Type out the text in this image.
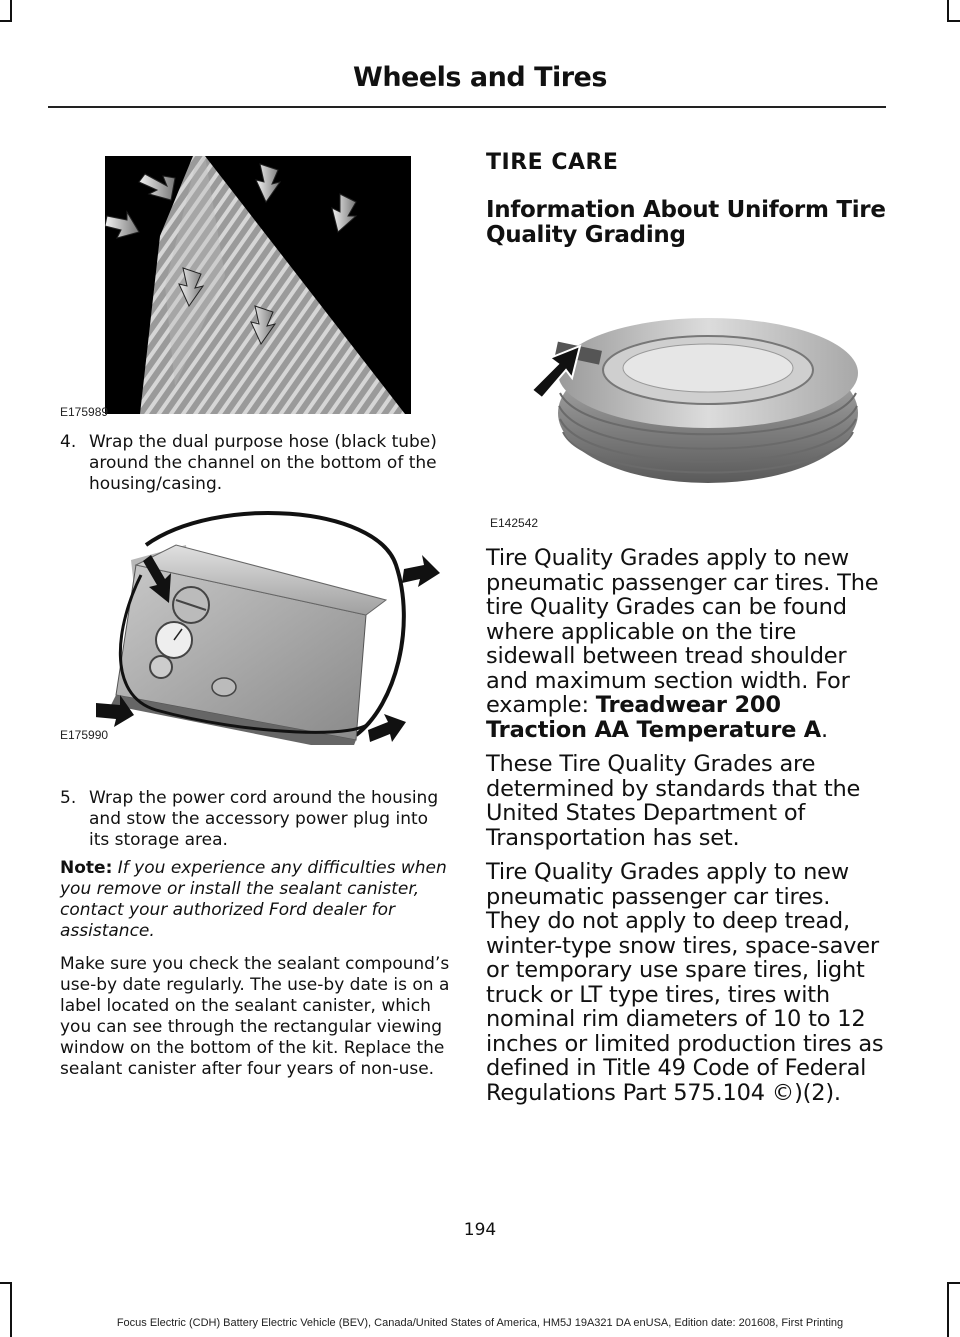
Wheels and Tires
E175989
4. Wrap the dual purpose hose (black tube) around the channel on the bottom of the housing/casing.
E175990
5. Wrap the power cord around the housing and stow the accessory power plug into its storage area.
Note: If you experience any difficulties when you remove or install the sealant canister, contact your authorized Ford dealer for assistance.
Make sure you check the sealant compound’s use-by date regularly. The use-by date is on a label located on the sealant canister, which you can see through the rectangular viewing window on the bottom of the kit. Replace the sealant canister after four years of non-use.
TIRE CARE
Information About Uniform Tire Quality Grading
E142542
Tire Quality Grades apply to new pneumatic passenger car tires. The tire Quality Grades can be found where applicable on the tire sidewall between tread shoulder and maximum section width. For example: Treadwear 200 Traction AA Temperature A.
These Tire Quality Grades are determined by standards that the United States Department of Transportation has set.
Tire Quality Grades apply to new pneumatic passenger car tires. They do not apply to deep tread, winter-type snow tires, space-saver or temporary use spare tires, light truck or LT type tires, tires with nominal rim diameters of 10 to 12 inches or limited production tires as defined in Title 49 Code of Federal Regulations Part 575.104 ©)(2).
194
Focus Electric (CDH) Battery Electric Vehicle (BEV), Canada/United States of America, HM5J 19A321 DA enUSA, Edition date: 201608, First Printing
